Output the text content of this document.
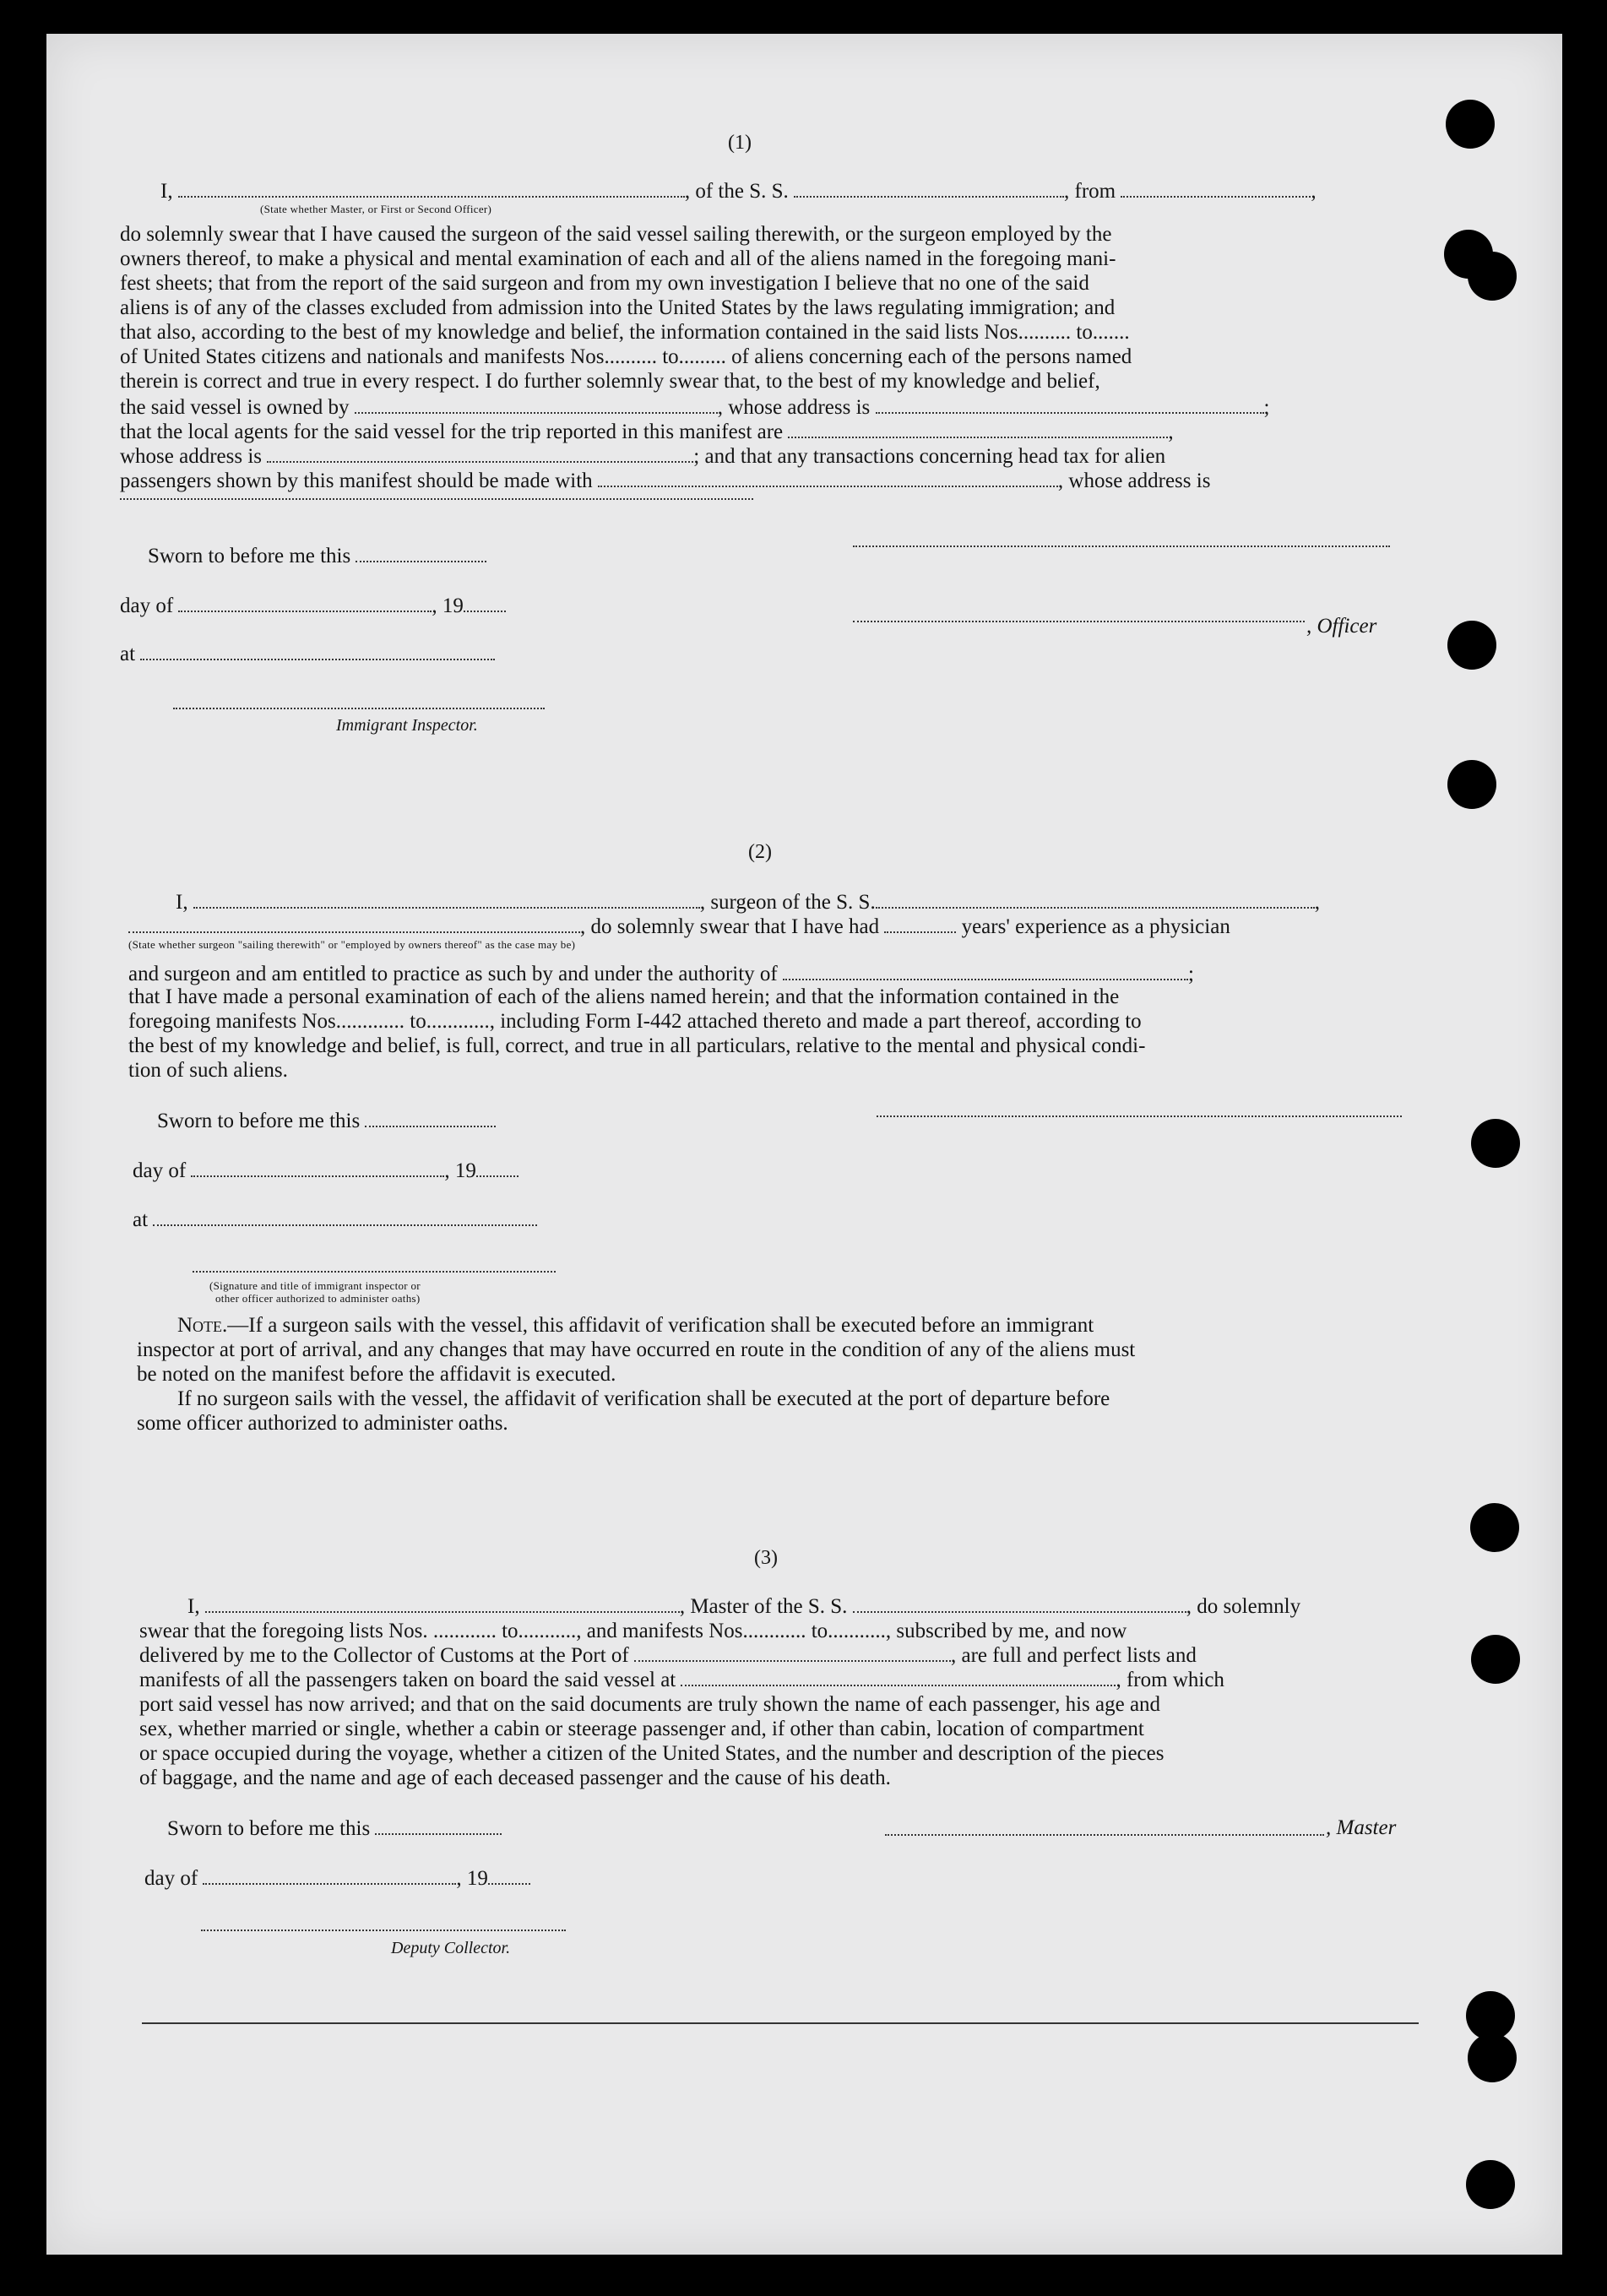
(1)
I,	, of the S. S.	, from	,
(State whether Master, or First or Second Officer)

do solemnly swear that I have caused the surgeon of the said vessel sailing therewith, or the surgeon employed by the

owners thereof, to make a physical and mental examination of each and all of the aliens named in the foregoing mani-

fest sheets; that from the report of the said surgeon and from my own investigation I believe that no one of the said

aliens is of any of the classes excluded from admission into the United States by the laws regulating immigration; and

that also, according to the best of my knowledge and belief, the information contained in the said lists Nos.......... to.......

of United States citizens and nationals and manifests Nos.......... to......... of aliens concerning each of the persons named

therein is correct and true in every respect. I do further solemnly swear that, to the best of my knowledge and belief,

the said vessel is owned by	, whose address is	;
that the local agents for the said vessel for the trip reported in this manifest are	,
whose address is	; and that any transactions concerning head tax for alien
passengers shown by this manifest should be made with	, whose address is
Sworn to before me this
day of	, 19
, Officer
at
Immigrant Inspector.
(2)
I,	, surgeon of the S. S.	,
, do solemnly swear that I have had	years' experience as a physician
(State whether surgeon "sailing therewith" or "employed by owners thereof" as the case may be)
and surgeon and am entitled to practice as such by and under the authority of	;

that I have made a personal examination of each of the aliens named herein; and that the information contained in the

foregoing manifests Nos............. to............, including Form I-442 attached thereto and made a part thereof, according to

the best of my knowledge and belief, is full, correct, and true in all particulars, relative to the mental and physical condi-

tion of such aliens.

Sworn to before me this
day of	, 19
at
(Signature and title of immigrant inspector or
other officer authorized to administer oaths)

Note.—If a surgeon sails with the vessel, this affidavit of verification shall be executed before an immigrant

inspector at port of arrival, and any changes that may have occurred en route in the condition of any of the aliens must

be noted on the manifest before the affidavit is executed.

If no surgeon sails with the vessel, the affidavit of verification shall be executed at the port of departure before

some officer authorized to administer oaths.

(3)
I,	, Master of the S. S.	, do solemnly
swear that the foregoing lists Nos. ............ to..........., and manifests Nos............ to..........., subscribed by me, and now
delivered by me to the Collector of Customs at the Port of	, are full and perfect lists and
manifests of all the passengers taken on board the said vessel at	, from which

port said vessel has now arrived; and that on the said documents are truly shown the name of each passenger, his age and

sex, whether married or single, whether a cabin or steerage passenger and, if other than cabin, location of compartment

or space occupied during the voyage, whether a citizen of the United States, and the number and description of the pieces

of baggage, and the name and age of each deceased passenger and the cause of his death.

Sworn to before me this	, Master
day of	, 19
Deputy Collector.
